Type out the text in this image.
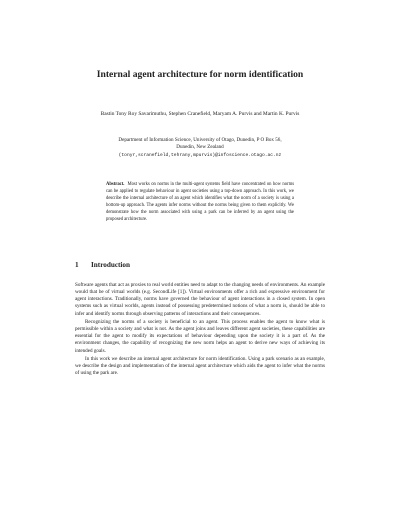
Internal agent architecture for norm identification
Bastin Tony Roy Savarimuthu, Stephen Cranefield, Maryam A. Purvis and Martin K. Purvis
Department of Information Science, University of Otago, Dunedin, P O Box 56,
Dunedin, New Zealand
(tonyr,scranefield,tehrany,mpurvis)@infoscience.otago.ac.nz
Abstract. Most works on norms in the multi-agent systems field have concentrated on how norms can be applied to regulate behaviour in agent societies using a top-down approach. In this work, we describe the internal architecture of an agent which identifies what the norm of a society is using a bottom-up approach. The agents infer norms without the norms being given to them explicitly. We demonstrate how the norm associated with using a park can be inferred by an agent using the proposed architecture.
1 Introduction

Software agents that act as proxies to real world entities need to adapt to the changing needs of environments. An example would that be of virtual worlds (e.g. SecondLife [1]). Virtual environments offer a rich and expressive environment for agent interactions. Traditionally, norms have governed the behaviour of agent interactions in a closed system. In open systems such as virtual worlds, agents instead of possessing predetermined notions of what a norm is, should be able to infer and identify norms through observing patterns of interactions and their consequences.

Recognizing the norms of a society is beneficial to an agent. This process enables the agent to know what is permissible within a society and what is not. As the agent joins and leaves different agent societies, these capabilities are essential for the agent to modify its expectations of behaviour depending upon the society it is a part of. As the environment changes, the capability of recognizing the new norm helps an agent to derive new ways of achieving its intended goals.

In this work we describe an internal agent architecture for norm identification. Using a park scenario as an example, we describe the design and implementation of the internal agent architecture which aids the agent to infer what the norms of using the park are.
